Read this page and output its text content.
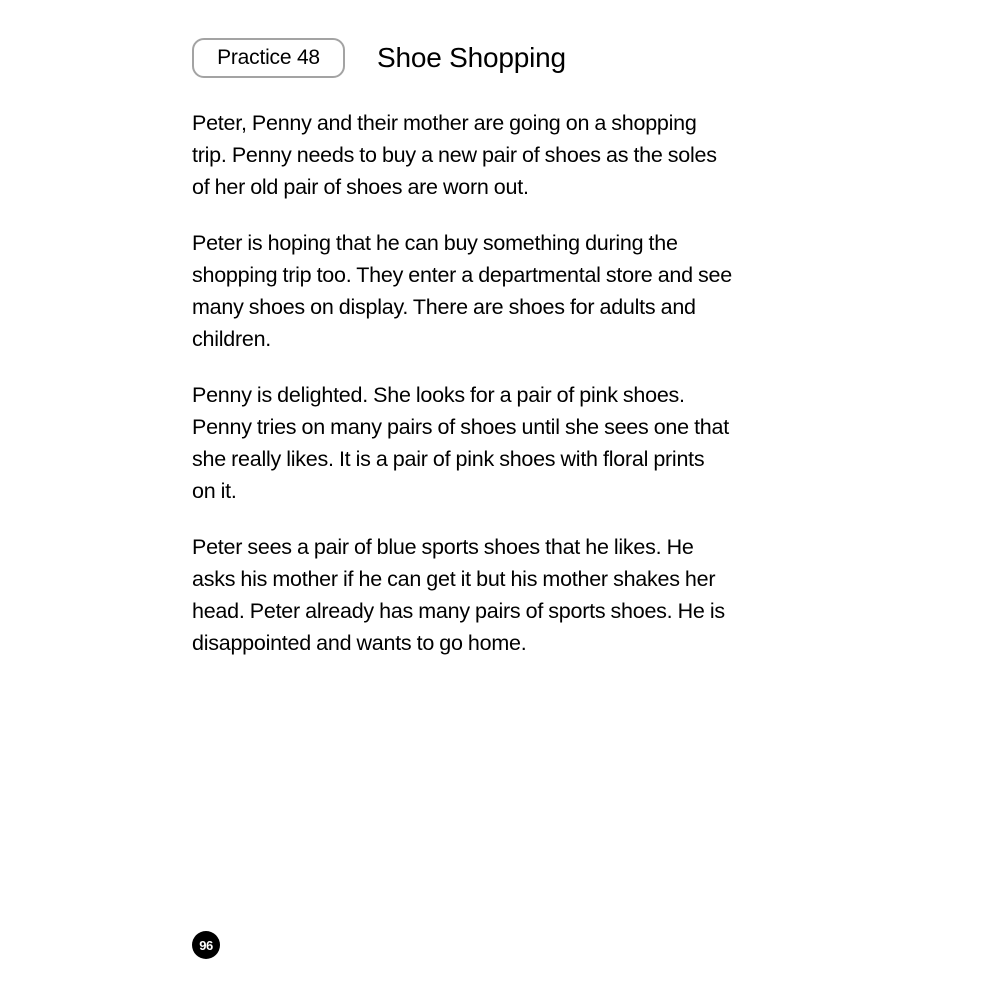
Practice 48	Shoe Shopping

Peter, Penny and their mother are going on a shopping trip. Penny needs to buy a new pair of shoes as the soles of her old pair of shoes are worn out.

Peter is hoping that he can buy something during the shopping trip too. They enter a departmental store and see many shoes on display. There are shoes for adults and children.

Penny is delighted. She looks for a pair of pink shoes. Penny tries on many pairs of shoes until she sees one that she really likes. It is a pair of pink shoes with floral prints on it.

Peter sees a pair of blue sports shoes that he likes. He asks his mother if he can get it but his mother shakes her head. Peter already has many pairs of sports shoes. He is disappointed and wants to go home.

96
